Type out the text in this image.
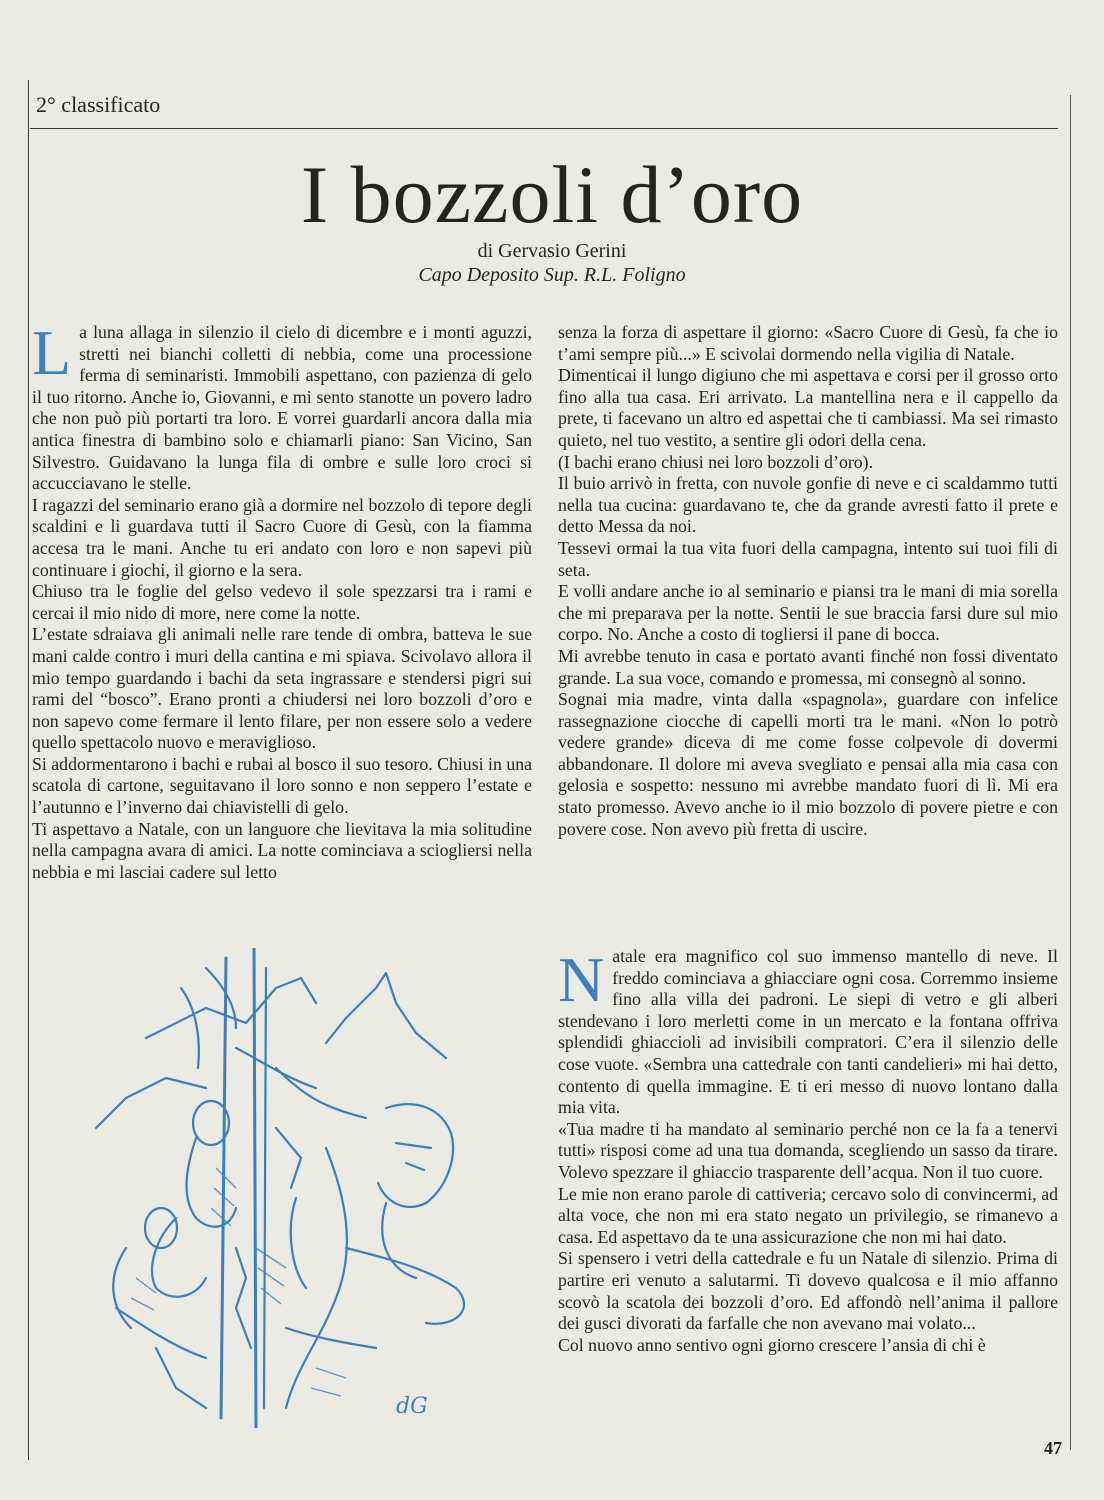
2° classificato
I bozzoli d’oro
di Gervasio Gerini
Capo Deposito Sup. R.L. Foligno

La luna allaga in silenzio il cielo di dicembre e i monti aguzzi, stretti nei bianchi colletti di nebbia, come una processione ferma di seminaristi. Immobili aspettano, con pazienza di gelo il tuo ritorno. Anche io, Giovanni, e mi sento stanotte un povero ladro che non può più portarti tra loro. E vorrei guardarli ancora dalla mia antica finestra di bambino solo e chiamarli piano: San Vicino, San Silvestro. Guidavano la lunga fila di ombre e sulle loro croci si accucciavano le stelle.

I ragazzi del seminario erano già a dormire nel bozzolo di tepore degli scaldini e li guardava tutti il Sacro Cuore di Gesù, con la fiamma accesa tra le mani. Anche tu eri andato con loro e non sapevi più continuare i giochi, il giorno e la sera.

Chiuso tra le foglie del gelso vedevo il sole spezzarsi tra i rami e cercai il mio nido di more, nere come la notte.

L’estate sdraiava gli animali nelle rare tende di ombra, batteva le sue mani calde contro i muri della cantina e mi spiava. Scivolavo allora il mio tempo guardando i bachi da seta ingrassare e stendersi pigri sui rami del “bosco”. Erano pronti a chiudersi nei loro bozzoli d’oro e non sapevo come fermare il lento filare, per non essere solo a vedere quello spettacolo nuovo e meraviglioso.

Si addormentarono i bachi e rubai al bosco il suo tesoro. Chiusi in una scatola di cartone, seguitavano il loro sonno e non seppero l’estate e l’autunno e l’inverno dai chiavistelli di gelo.

Ti aspettavo a Natale, con un languore che lievitava la mia solitudine nella campagna avara di amici. La notte cominciava a sciogliersi nella nebbia e mi lasciai cadere sul letto

dG

senza la forza di aspettare il giorno: «Sacro Cuore di Gesù, fa che io t’ami sempre più...» E scivolai dormendo nella vigilia di Natale.

Dimenticai il lungo digiuno che mi aspettava e corsi per il grosso orto fino alla tua casa. Eri arrivato. La mantellina nera e il cappello da prete, ti facevano un altro ed aspettai che ti cambiassi. Ma sei rimasto quieto, nel tuo vestito, a sentire gli odori della cena.

(I bachi erano chiusi nei loro bozzoli d’oro).

Il buio arrivò in fretta, con nuvole gonfie di neve e ci scaldammo tutti nella tua cucina: guardavano te, che da grande avresti fatto il prete e detto Messa da noi.

Tessevi ormai la tua vita fuori della campagna, intento sui tuoi fili di seta.

E volli andare anche io al seminario e piansi tra le mani di mia sorella che mi preparava per la notte. Sentii le sue braccia farsi dure sul mio corpo. No. Anche a costo di togliersi il pane di bocca.

Mi avrebbe tenuto in casa e portato avanti finché non fossi diventato grande. La sua voce, comando e promessa, mi consegnò al sonno.

Sognai mia madre, vinta dalla «spagnola», guardare con infelice rassegnazione ciocche di capelli morti tra le mani. «Non lo potrò vedere grande» diceva di me come fosse colpevole di dovermi abbandonare. Il dolore mi aveva svegliato e pensai alla mia casa con gelosia e sospetto: nessuno mi avrebbe mandato fuori di lì. Mi era stato promesso. Avevo anche io il mio bozzolo di povere pietre e con povere cose. Non avevo più fretta di uscire.

Natale era magnifico col suo immenso mantello di neve. Il freddo cominciava a ghiacciare ogni cosa. Corremmo insieme fino alla villa dei padroni. Le siepi di vetro e gli alberi stendevano i loro merletti come in un mercato e la fontana offriva splendidi ghiaccioli ad invisibili compratori. C’era il silenzio delle cose vuote. «Sembra una cattedrale con tanti candelieri» mi hai detto, contento di quella immagine. E ti eri messo di nuovo lontano dalla mia vita.

«Tua madre ti ha mandato al seminario perché non ce la fa a tenervi tutti» risposi come ad una tua domanda, scegliendo un sasso da tirare. Volevo spezzare il ghiaccio trasparente dell’acqua. Non il tuo cuore.

Le mie non erano parole di cattiveria; cercavo solo di convincermi, ad alta voce, che non mi era stato negato un privilegio, se rimanevo a casa. Ed aspettavo da te una assicurazione che non mi hai dato.

Si spensero i vetri della cattedrale e fu un Natale di silenzio. Prima di partire eri venuto a salutarmi. Ti dovevo qualcosa e il mio affanno scovò la scatola dei bozzoli d’oro. Ed affondò nell’anima il pallore dei gusci divorati da farfalle che non avevano mai volato...

Col nuovo anno sentivo ogni giorno crescere l’ansia di chi è

47
